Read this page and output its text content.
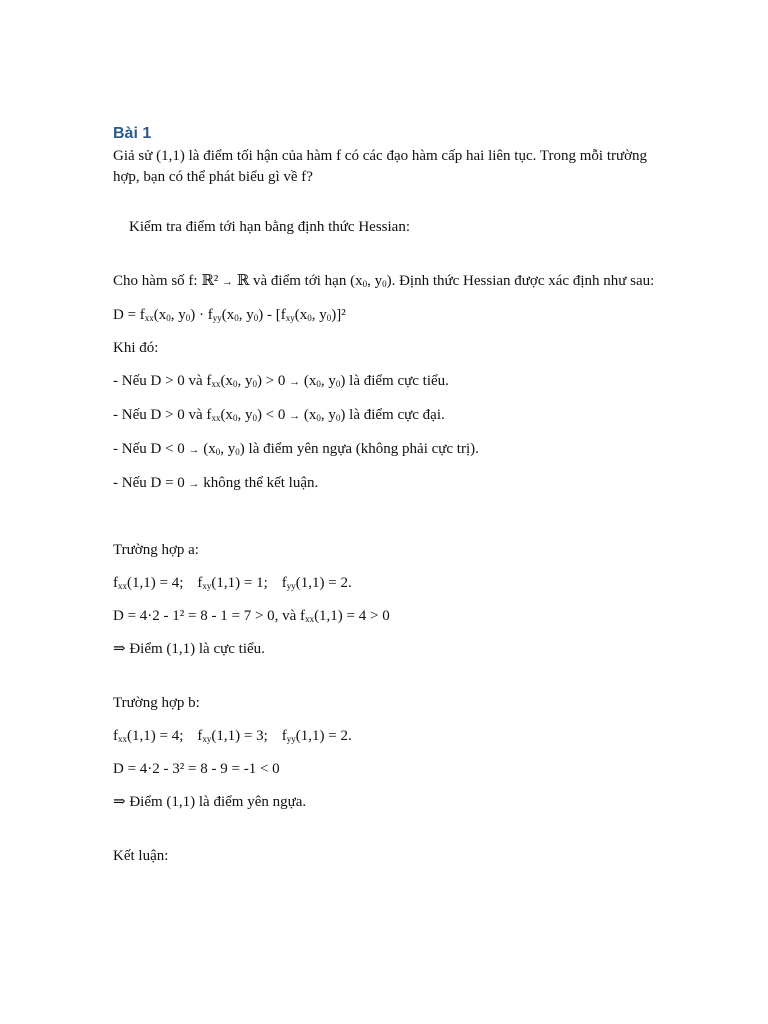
Bài 1

Giả sử (1,1) là điểm tối hận của hàm f có các đạo hàm cấp hai liên tục. Trong mỗi trường hợp, bạn có thể phát biểu gì về f?

Kiểm tra điểm tới hạn bằng định thức Hessian:

Cho hàm số f: ℝ² → ℝ và điểm tới hạn ($x_0$, $y_0$). Định thức Hessian được xác định như sau:

$D = f_{xx}(x_0$, $y_0) \cdot f_{yy}(x_0$, $y_0) - [f_{xy}(x_0$, $y_0)]^2$

Khi đó:

- Nếu D > 0 và $f_{xx}(x_0$, $y_0) > 0 \to (x_0$, $y_0$) là điểm cực tiểu.

- Nếu D > 0 và $f_{xx}(x_0$, $y_0) < 0 \to (x_0$, $y_0$) là điểm cực đại.

- Nếu $D < 0 \to (x_0$, $y_0$) là điểm yên ngựa (không phải cực trị).

- Nếu D = 0 → không thể kết luận.

Trường hợp a:

$f_{xx}(1,1) = 4$; $f_{xy}(1,1) = 1$; $f_{yy}(1,1) = 2$.

D = 4·2 - 1² = 8 - 1 = 7 > 0, và $f_{xx}(1,1) = 4 > 0$

⇒ Điểm (1,1) là cực tiểu.

Trường hợp b:

$f_{xx}(1,1) = 4$; $f_{xy}(1,1) = 3$; $f_{yy}(1,1) = 2$.

D = 4·2 - 3² = 8 - 9 = -1 < 0

⇒ Điểm (1,1) là điểm yên ngựa.

Kết luận:
